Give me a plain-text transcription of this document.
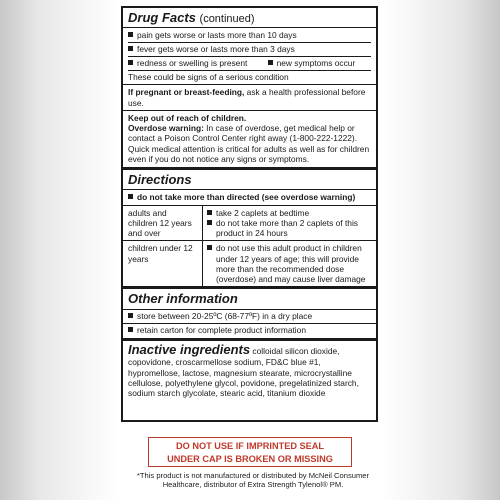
Drug Facts (continued)
pain gets worse or lasts more than 10 days
fever gets worse or lasts more than 3 days
redness or swelling is present	new symptoms occur

These could be signs of a serious condition

If pregnant or breast-feeding, ask a health professional before use.

Keep out of reach of children.

Overdose warning: In case of overdose, get medical help or contact a Poison Control Center right away (1-800-222-1222). Quick medical attention is critical for adults as well as for children even if you do not notice any signs or symptoms.

Directions
do not take more than directed (see overdose warning)
adults and children 12 years and over
take 2 caplets at bedtime
do not take more than 2 caplets of this product in 24 hours
children under 12 years
do not use this adult product in children under 12 years of age; this will provide more than the recommended dose (overdose) and may cause liver damage
Other information
store between 20-25ºC (68-77ºF) in a dry place
retain carton for complete product information

Inactive ingredients colloidal silicon dioxide, copovidone, croscarmellose sodium, FD&C blue #1, hypromellose, lactose, magnesium stearate, microcrystalline cellulose, polyethylene glycol, povidone, pregelatinized starch, sodium starch glycolate, stearic acid, titanium dioxide

DO NOT USE IF IMPRINTED SEAL
UNDER CAP IS BROKEN OR MISSING
*This product is not manufactured or distributed by McNeil Consumer Healthcare, distributor of Extra Strength Tylenol® PM.
